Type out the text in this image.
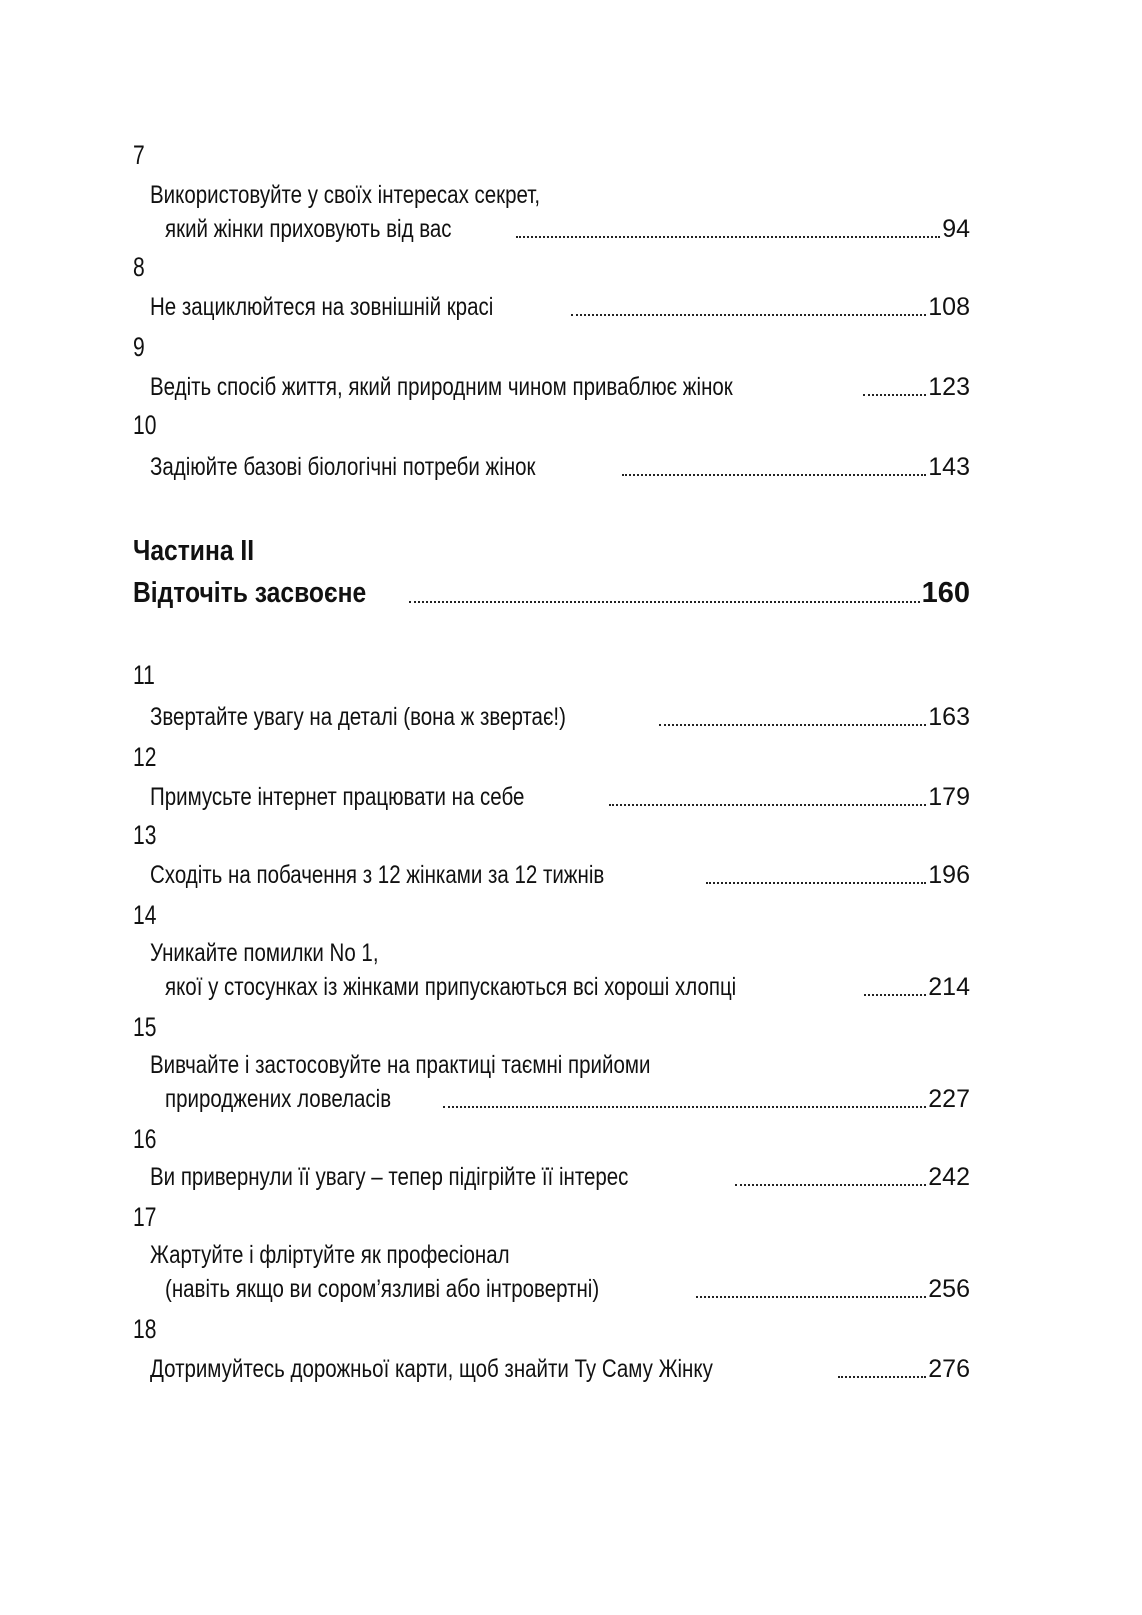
7
Використовуйте у своїх інтересах секрет,
який жінки приховують від вас	94
8
Не зациклюйтеся на зовнішній красі	108
9
Ведіть спосіб життя, який природним чином приваблює жінок	123
10
Задіюйте базові біологічні потреби жінок	143
Частина II
Відточіть засвоєне	160
11
Звертайте увагу на деталі (вона ж звертає!)	163
12
Примусьте інтернет працювати на себе	179
13
Сходіть на побачення з 12 жінками за 12 тижнів	196
14
Уникайте помилки No 1,
якої у стосунках із жінками припускаються всі хороші хлопці	214
15
Вивчайте і застосовуйте на практиці таємні прийоми
природжених ловеласів	227
16
Ви привернули її увагу – тепер підігрійте її інтерес	242
17
Жартуйте і фліртуйте як професіонал
(навіть якщо ви сором’язливі або інтровертні)	256
18
Дотримуйтесь дорожньої карти, щоб знайти Ту Саму Жінку	276
